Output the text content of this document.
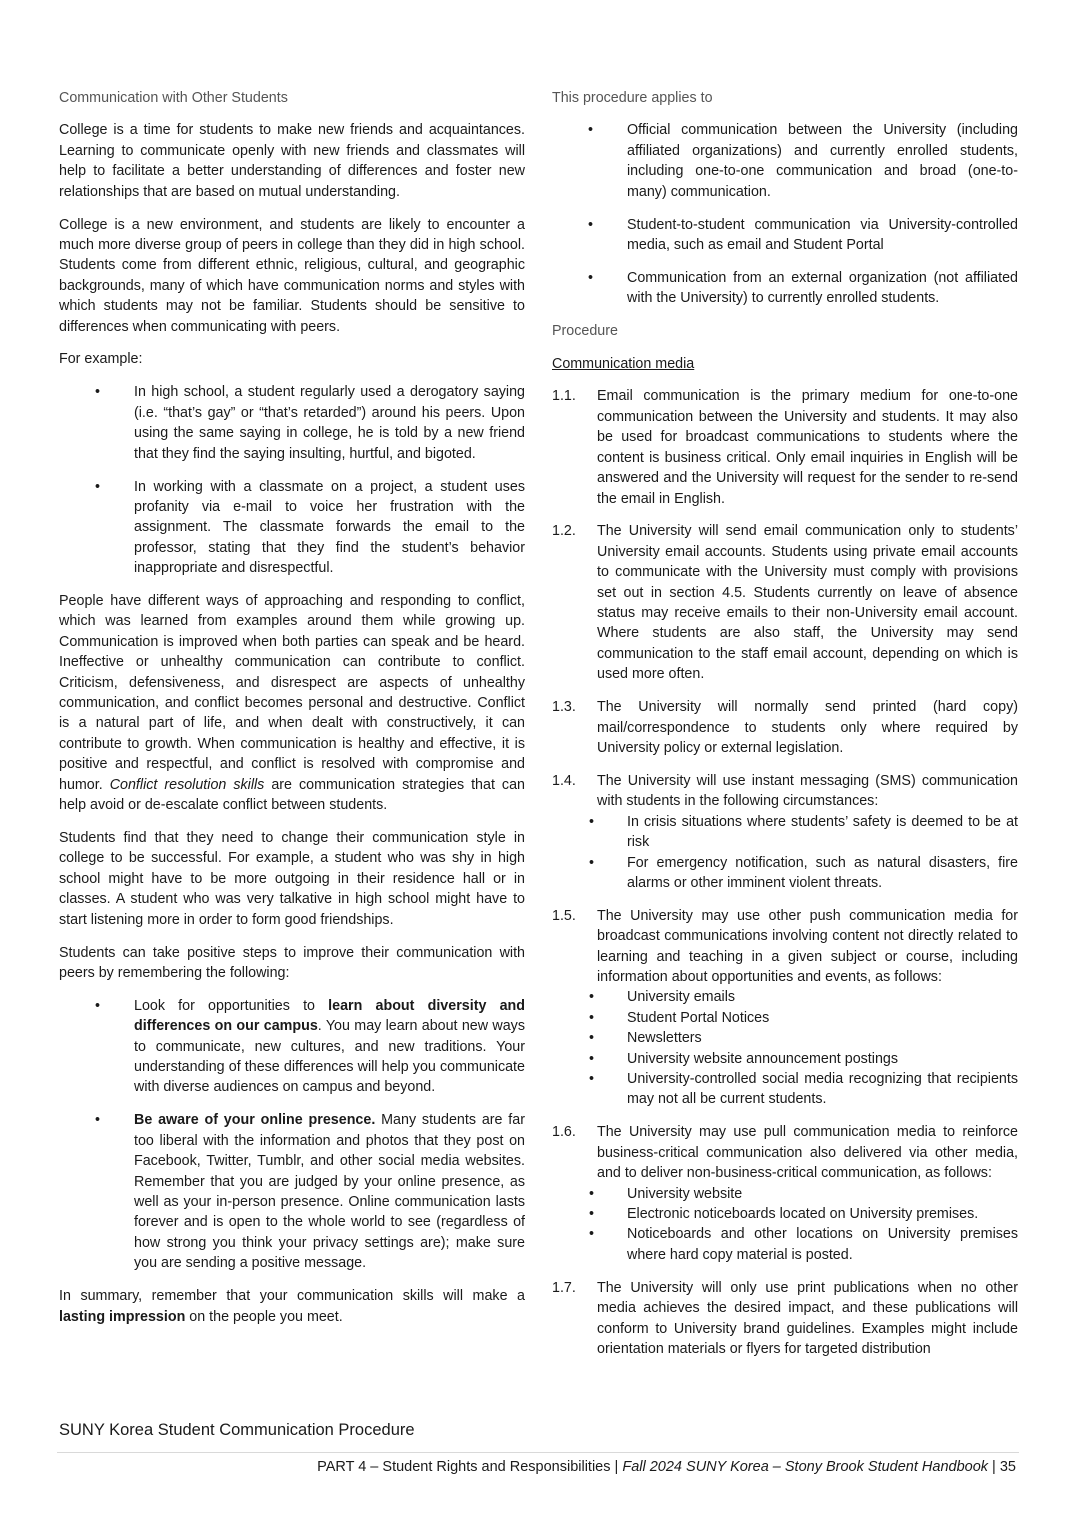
Communication with Other Students

College is a time for students to make new friends and acquaintances. Learning to communicate openly with new friends and classmates will help to facilitate a better understanding of differences and foster new relationships that are based on mutual understanding.

College is a new environment, and students are likely to encounter a much more diverse group of peers in college than they did in high school. Students come from different ethnic, religious, cultural, and geographic backgrounds, many of which have communication norms and styles with which students may not be familiar. Students should be sensitive to differences when communicating with peers.

For example:

• In high school, a student regularly used a derogatory saying (i.e. “that’s gay” or “that’s retarded”) around his peers. Upon using the same saying in college, he is told by a new friend that they find the saying insulting, hurtful, and bigoted.
• In working with a classmate on a project, a student uses profanity via e-mail to voice her frustration with the assignment. The classmate forwards the email to the professor, stating that they find the student’s behavior inappropriate and disrespectful.

People have different ways of approaching and responding to conflict, which was learned from examples around them while growing up. Communication is improved when both parties can speak and be heard. Ineffective or unhealthy communication can contribute to conflict. Criticism, defensiveness, and disrespect are aspects of unhealthy communication, and conflict becomes personal and destructive. Conflict is a natural part of life, and when dealt with constructively, it can contribute to growth. When communication is healthy and effective, it is positive and respectful, and conflict is resolved with compromise and humor. Conflict resolution skills are communication strategies that can help avoid or de-escalate conflict between students.

Students find that they need to change their communication style in college to be successful. For example, a student who was shy in high school might have to be more outgoing in their residence hall or in classes. A student who was very talkative in high school might have to start listening more in order to form good friendships.

Students can take positive steps to improve their communication with peers by remembering the following:

• Look for opportunities to learn about diversity and differences on our campus. You may learn about new ways to communicate, new cultures, and new traditions. Your understanding of these differences will help you communicate with diverse audiences on campus and beyond.
• Be aware of your online presence. Many students are far too liberal with the information and photos that they post on Facebook, Twitter, Tumblr, and other social media websites. Remember that you are judged by your online presence, as well as your in-person presence. Online communication lasts forever and is open to the whole world to see (regardless of how strong you think your privacy settings are); make sure you are sending a positive message.

In summary, remember that your communication skills will make a lasting impression on the people you meet.

SUNY Korea Student Communication Procedure
This procedure applies to
• Official communication between the University (including affiliated organizations) and currently enrolled students, including one-to-one communication and broad (one-to-many) communication.
• Student-to-student communication via University-controlled media, such as email and Student Portal
• Communication from an external organization (not affiliated with the University) to currently enrolled students.
Procedure
Communication media
1.1. Email communication is the primary medium for one-to-one communication between the University and students. It may also be used for broadcast communications to students where the content is business critical. Only email inquiries in English will be answered and the University will request for the sender to re-send the email in English.
1.2. The University will send email communication only to students’ University email accounts. Students using private email accounts to communicate with the University must comply with provisions set out in section 4.5. Students currently on leave of absence status may receive emails to their non-University email account. Where students are also staff, the University may send communication to the staff email account, depending on which is used more often.
1.3. The University will normally send printed (hard copy) mail/correspondence to students only where required by University policy or external legislation.
1.4. The University will use instant messaging (SMS) communication with students in the following circumstances:
• In crisis situations where students’ safety is deemed to be at risk
• For emergency notification, such as natural disasters, fire alarms or other imminent violent threats.
1.5. The University may use other push communication media for broadcast communications involving content not directly related to learning and teaching in a given subject or course, including information about opportunities and events, as follows:
• University emails
• Student Portal Notices
• Newsletters
• University website announcement postings
• University-controlled social media recognizing that recipients may not all be current students.
1.6. The University may use pull communication media to reinforce business-critical communication also delivered via other media, and to deliver non-business-critical communication, as follows:
• University website
• Electronic noticeboards located on University premises.
• Noticeboards and other locations on University premises where hard copy material is posted.
1.7. The University will only use print publications when no other media achieves the desired impact, and these publications will conform to University brand guidelines. Examples might include orientation materials or flyers for targeted distribution
PART 4 – Student Rights and Responsibilities | Fall 2024 SUNY Korea – Stony Brook Student Handbook | 35
